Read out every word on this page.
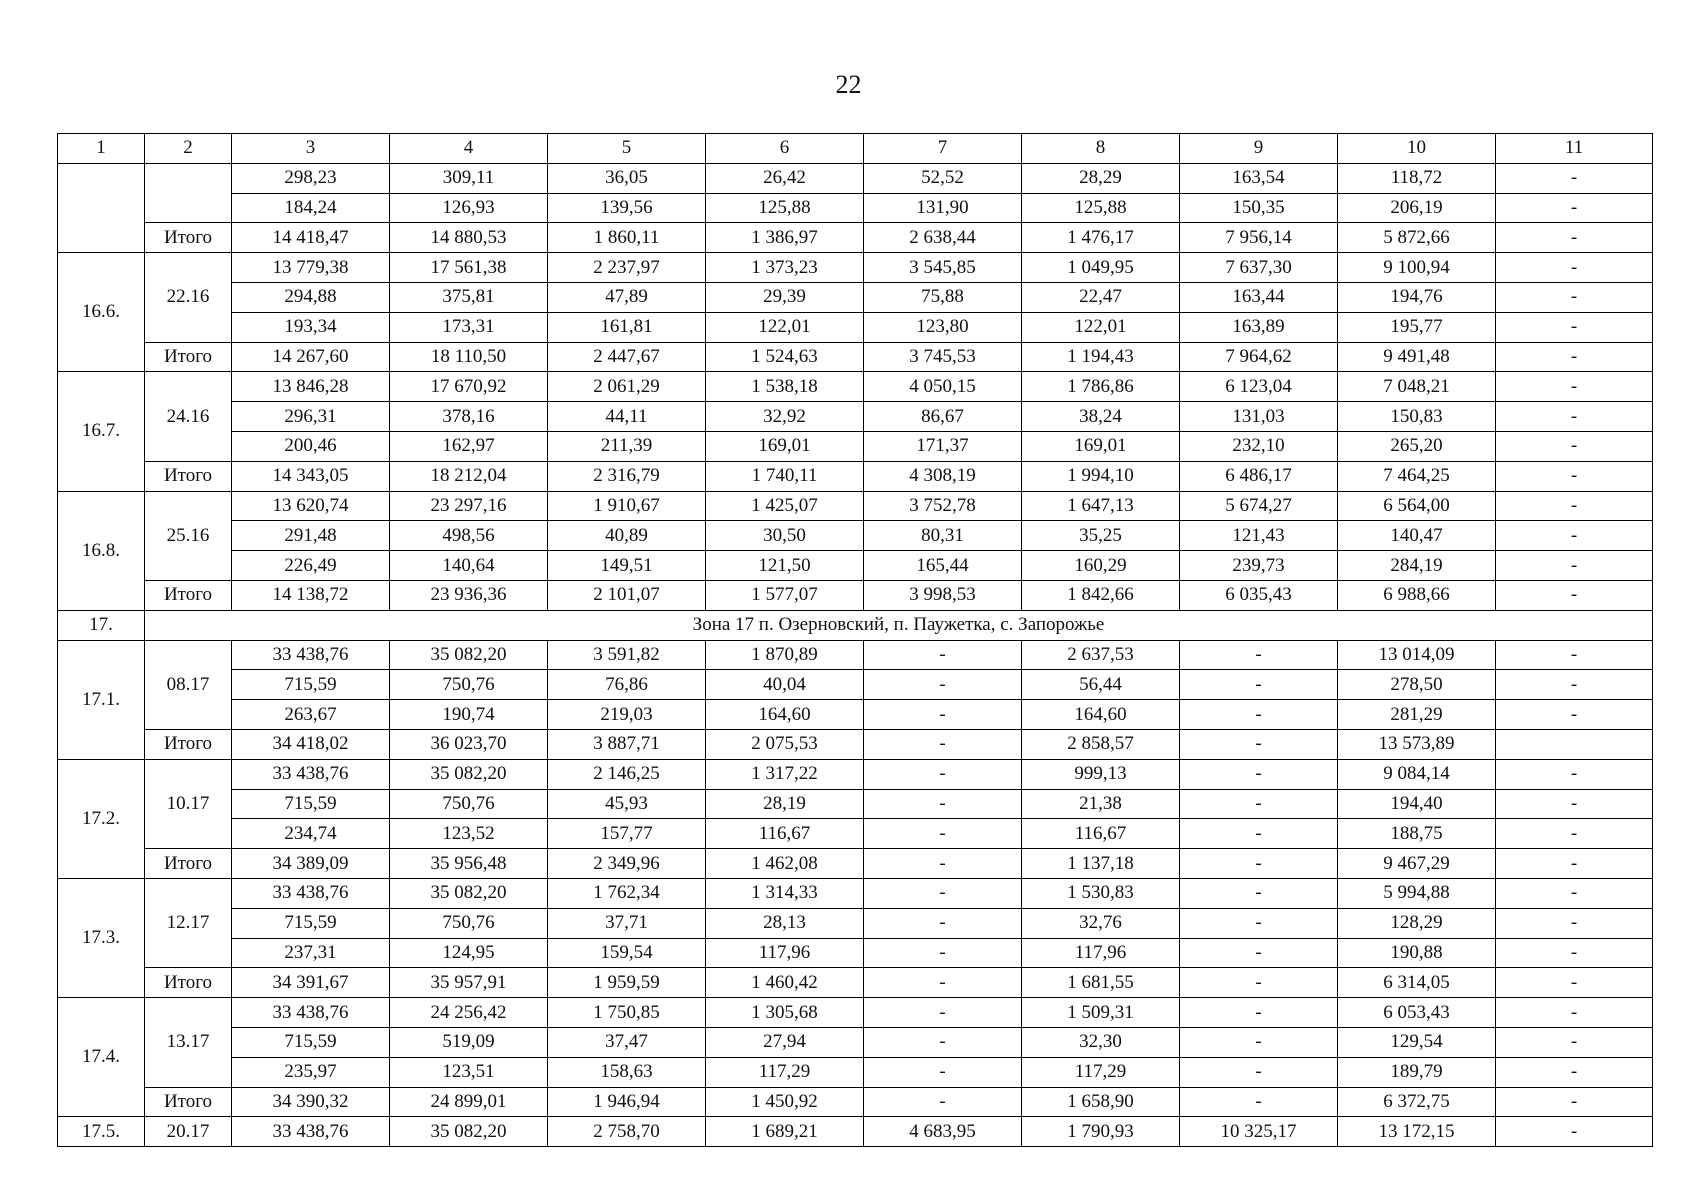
22
1	2	3	4	5	6	7	8	9	10	11
		298,23	309,11	36,05	26,42	52,52	28,29	163,54	118,72	-
		184,24	126,93	139,56	125,88	131,90	125,88	150,35	206,19	-
	Итого	14 418,47	14 880,53	1 860,11	1 386,97	2 638,44	1 476,17	7 956,14	5 872,66	-
16.6.	22.16	13 779,38	17 561,38	2 237,97	1 373,23	3 545,85	1 049,95	7 637,30	9 100,94	-
		294,88	375,81	47,89	29,39	75,88	22,47	163,44	194,76	-
		193,34	173,31	161,81	122,01	123,80	122,01	163,89	195,77	-
	Итого	14 267,60	18 110,50	2 447,67	1 524,63	3 745,53	1 194,43	7 964,62	9 491,48	-
16.7.	24.16	13 846,28	17 670,92	2 061,29	1 538,18	4 050,15	1 786,86	6 123,04	7 048,21	-
		296,31	378,16	44,11	32,92	86,67	38,24	131,03	150,83	-
		200,46	162,97	211,39	169,01	171,37	169,01	232,10	265,20	-
	Итого	14 343,05	18 212,04	2 316,79	1 740,11	4 308,19	1 994,10	6 486,17	7 464,25	-
16.8.	25.16	13 620,74	23 297,16	1 910,67	1 425,07	3 752,78	1 647,13	5 674,27	6 564,00	-
		291,48	498,56	40,89	30,50	80,31	35,25	121,43	140,47	-
		226,49	140,64	149,51	121,50	165,44	160,29	239,73	284,19	-
	Итого	14 138,72	23 936,36	2 101,07	1 577,07	3 998,53	1 842,66	6 035,43	6 988,66	-
17.	Зона 17 п. Озерновский, п. Паужетка, с. Запорожье									
17.1.	08.17	33 438,76	35 082,20	3 591,82	1 870,89	-	2 637,53	-	13 014,09	-
		715,59	750,76	76,86	40,04	-	56,44	-	278,50	-
		263,67	190,74	219,03	164,60	-	164,60	-	281,29	-
	Итого	34 418,02	36 023,70	3 887,71	2 075,53	-	2 858,57	-	13 573,89	
17.2.	10.17	33 438,76	35 082,20	2 146,25	1 317,22	-	999,13	-	9 084,14	-
		715,59	750,76	45,93	28,19	-	21,38	-	194,40	-
		234,74	123,52	157,77	116,67	-	116,67	-	188,75	-
	Итого	34 389,09	35 956,48	2 349,96	1 462,08	-	1 137,18	-	9 467,29	-
17.3.	12.17	33 438,76	35 082,20	1 762,34	1 314,33	-	1 530,83	-	5 994,88	-
		715,59	750,76	37,71	28,13	-	32,76	-	128,29	-
		237,31	124,95	159,54	117,96	-	117,96	-	190,88	-
	Итого	34 391,67	35 957,91	1 959,59	1 460,42	-	1 681,55	-	6 314,05	-
17.4.	13.17	33 438,76	24 256,42	1 750,85	1 305,68	-	1 509,31	-	6 053,43	-
		715,59	519,09	37,47	27,94	-	32,30	-	129,54	-
		235,97	123,51	158,63	117,29	-	117,29	-	189,79	-
	Итого	34 390,32	24 899,01	1 946,94	1 450,92	-	1 658,90	-	6 372,75	-
17.5.	20.17	33 438,76	35 082,20	2 758,70	1 689,21	4 683,95	1 790,93	10 325,17	13 172,15	-
